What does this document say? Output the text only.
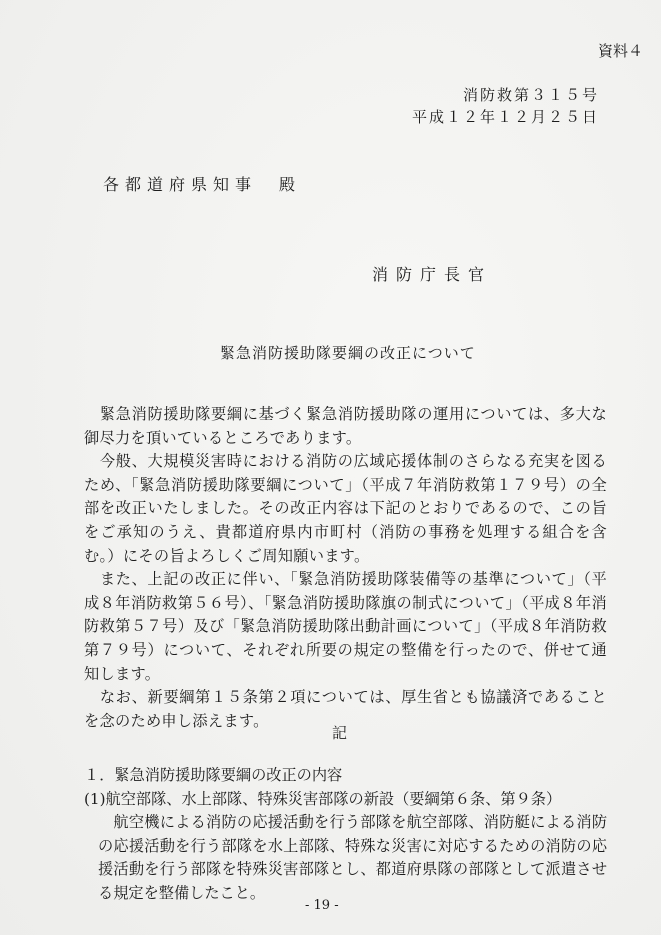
資料４
消防救第３１５号
平成１２年１２月２５日
各都道府県知事　殿
消防庁長官
緊急消防援助隊要綱の改正について

　緊急消防援助隊要綱に基づく緊急消防援助隊の運用については、多大な御尽力を頂いているところであります。

　今般、大規模災害時における消防の広域応援体制のさらなる充実を図るため、「緊急消防援助隊要綱について」（平成７年消防救第１７９号）の全部を改正いたしました。その改正内容は下記のとおりであるので、この旨をご承知のうえ、貴都道府県内市町村（消防の事務を処理する組合を含む。）にその旨よろしくご周知願います。

　また、上記の改正に伴い、「緊急消防援助隊装備等の基準について」（平成８年消防救第５６号）、「緊急消防援助隊旗の制式について」（平成８年消防救第５７号）及び「緊急消防援助隊出動計画について」（平成８年消防救第７９号）について、それぞれ所要の規定の整備を行ったので、併せて通知します。

　なお、新要綱第１５条第２項については、厚生省とも協議済であることを念のため申し添えます。

記

１．緊急消防援助隊要綱の改正の内容

(1)航空部隊、水上部隊、特殊災害部隊の新設（要綱第６条、第９条）

　航空機による消防の応援活動を行う部隊を航空部隊、消防艇による消防の応援活動を行う部隊を水上部隊、特殊な災害に対応するための消防の応援活動を行う部隊を特殊災害部隊とし、都道府県隊の部隊として派遣させる規定を整備したこと。

- 19 -
